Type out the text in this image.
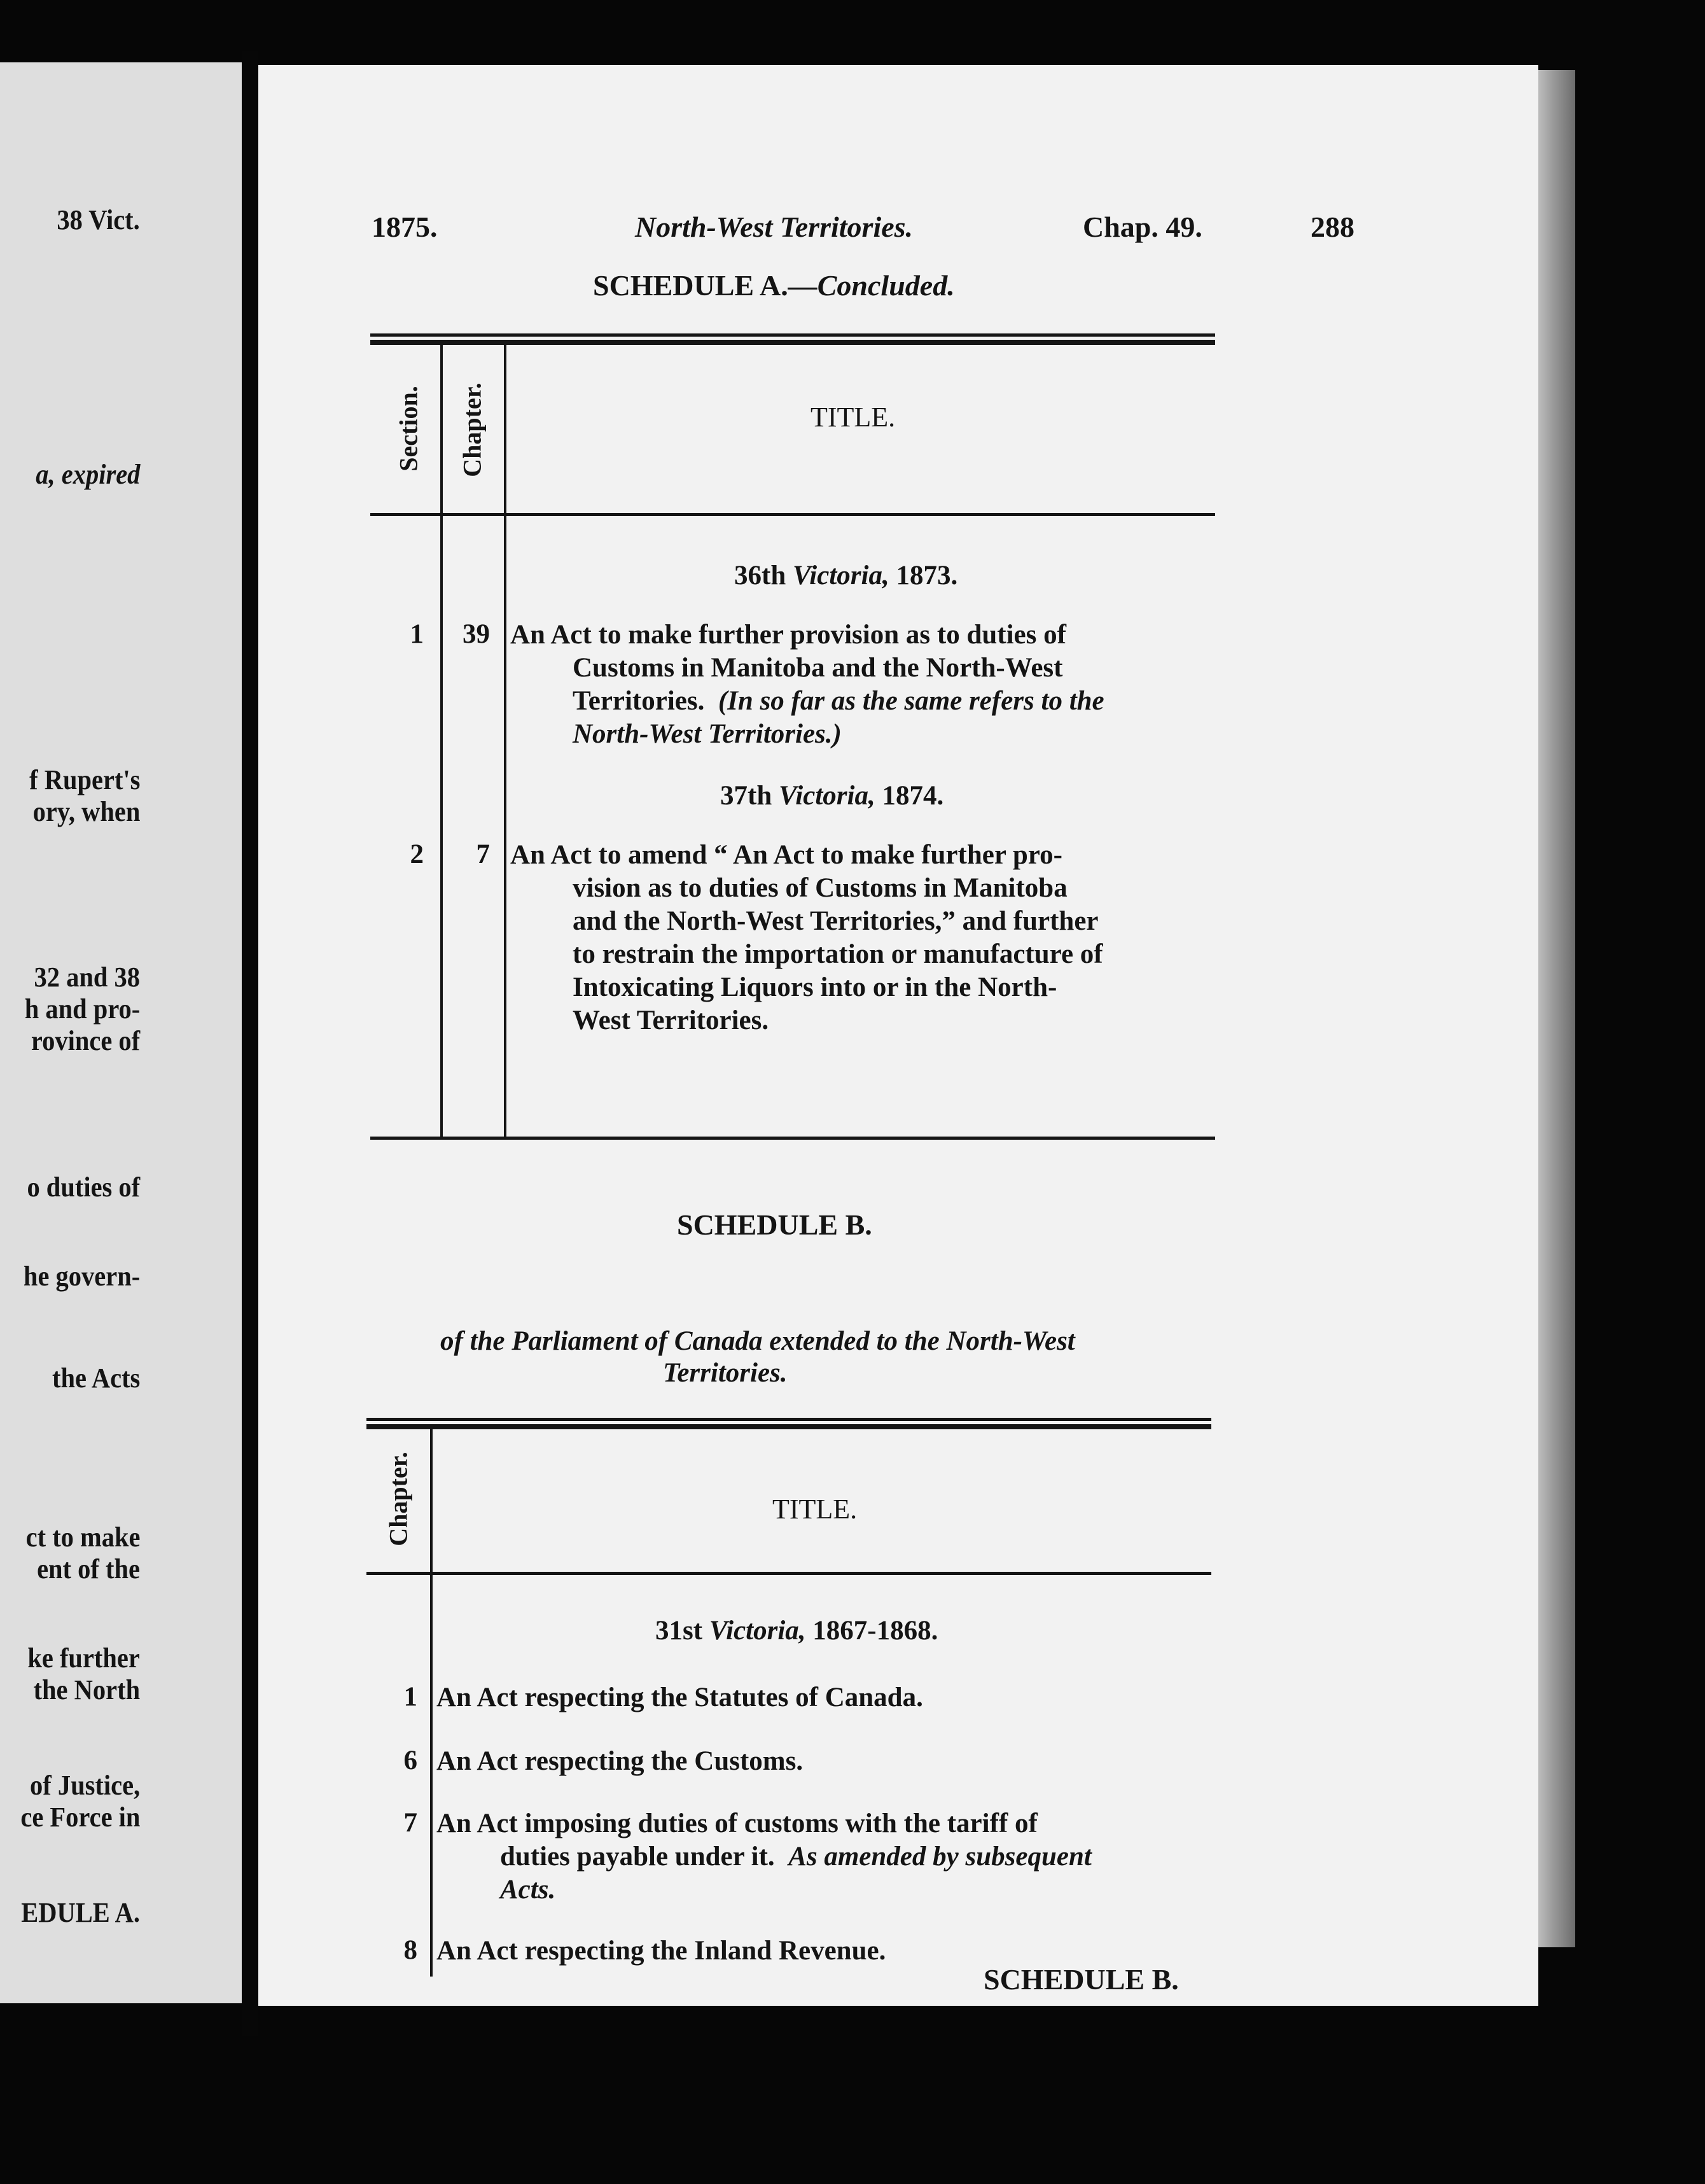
38 Vict.
a, expired
f Rupert's
ory, when
32 and 38
h and pro-
rovince of
o duties of
he govern-
the Acts
ct to make
ent of the
ke further
the North
of Justice,
ce Force in
EDULE A.
1875.	North-West Territories.	Chap. 49.	288
SCHEDULE A.—Concluded.
Section. Chapter.	TITLE.
36th Victoria, 1873.
1	39 An Act to make further provision as to duties of
Customs in Manitoba and the North-West
Territories. (In so far as the same refers to the
North-West Territories.)
37th Victoria, 1874.
2	7 An Act to amend “ An Act to make further pro-
vision as to duties of Customs in Manitoba
and the North-West Territories,” and further
to restrain the importation or manufacture of
Intoxicating Liquors into or in the North-
West Territories.
SCHEDULE B.
of the Parliament of Canada extended to the North-West
Territories.
Chapter.	TITLE.
31st Victoria, 1867-1868.
1 An Act respecting the Statutes of Canada.
6 An Act respecting the Customs.
7 An Act imposing duties of customs with the tariff of
duties payable under it. As amended by subsequent
Acts.
8 An Act respecting the Inland Revenue.
SCHEDULE B.
